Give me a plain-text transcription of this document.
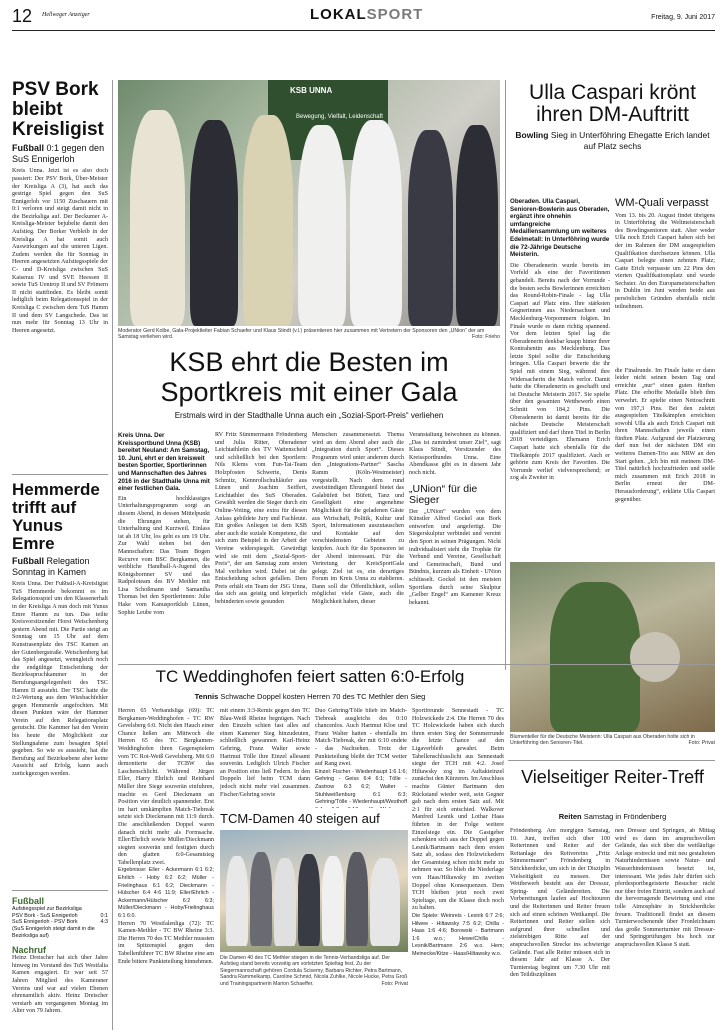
12 Hellweger Anzeiger	LOKALSPORT	Freitag, 9. Juni 2017
PSV Bork bleibt Kreisligist
Fußball 0:1 gegen den SuS Ennigerloh
Kreis Unna. Jetzt ist es also doch passiert: Der PSV Bork, Über-Meister der Kreisliga A (3), hat auch das gestrige Spiel gegen den SuS Ennigerloh vor 1150 Zuschauern mit 0:1 verloren und steigt damit nicht in die Bezirksliga auf. Der Beckumer A-Kreisliga-Meister bejubelte damit den Aufstieg. Der Borker Verbleib in der Kreisliga A hat somit auch Auswirkungen auf die unteren Ligen. Zudem werden die für Sonntag in Heeren angesetzten Aufstiegsspiele der C- und D-Kreisliga zwischen SuS Kaiserau IV und SVE Heessen II sowie TuS Uentrop II und SV Frömern II nicht stattfinden. Es bleibt somit lediglich beim Relegationsspiel in der Kreisliga C zwischen dem TuS Hamm II und dem SV Langschede. Das ist nun mehr für Sonntag 13 Uhr in Heeren angesetzt.
Hemmerde trifft auf Yunus Emre
Fußball Relegation Sonntag in Kamen
Kreis Unna. Der Fußball-A-Kreisligist TuS Hemmerde bekommt es im Relegationsspiel um den Klassenerhalt in der Kreisliga A nun doch mit Yunus Emre Hamm zu tun. Das teilte Kreisvorsitzender Horst Weischenberg gestern Abend mit. Die Partie steigt an Sonntag um 15 Uhr auf dem Kunstrasenplatz des TSC Kamen an der Gutenbergstraße. Weischenberg hat das Spiel angesetzt, wenngleich noch die endgültige Entscheidung der Bezirksspruchkammer in der Berufungsangelegenheit des TSC Hamm II aussteht. Der TSC hatte die 0:2-Wertung aus dem Wiesbachfehler gegen Hemmerde angefochten. Mit diesen Punkten wäre der Hammer Verein auf den Relegationsplatz gerutscht. Die Kammer hat den Verein bis heute die Möglichkeit zur Stellungnahme zum besagten Spiel gegeben. So wie es aussieht, hat die Berufung auf Bezirksebene aber keine Aussicht auf Erfolg, kann auch zurückgezogen werden.
Fußball
Aufstiegsspiel zur Bezirksliga
PSV Bork - SuS Ennigerloh	0:1
SuS Ennigerloh - PSV Bork	4:3
(SuS Ennigerloh steigt damit in die Bezirksliga auf)
Nachruf
Heinz Dreischer hat sich über Jahre hinweg im Vorstand des TuS Westfalia Kamen engagiert. Er war seit 57 Jahren Mitglied des Kameraner Vereins und war auf vielen Ebenen ehrenamtlich aktiv. Heinz Dreischer verstarb am vergangenen Montag im Alter von 79 Jahren.
KSB UNNA
Bewegung, Vielfalt, Leidenschaft
Moderator Gerd Kolbe, Gala-Projektleiter Fabian Schaefer und Klaus Stindt (v.l.) präsentieren hier zusammen mit Vertretern der Sponsoren den „UNion“ der am Samstag verliehen wird.	Foto: Frieho
KSB ehrt die Besten im
Sportkreis mit einer Gala
Erstmals wird in der Stadthalle Unna auch ein „Sozial-Sport-Preis“ verliehen
Kreis Unna. Der Kreissportbund Unna (KSB) bereitet Neuland: Am Samstag, 10. Juni, ehrt er den kreisweit besten Sportler, Sportlerinnen und Mannschaften des Jahres 2016 in der Stadthalle Unna mit einer festlichen Gala.
Ein hochklassiges Unterhaltungsprogramm sorgt an diesem Abend, in dessen Mittelpunkt die Ehrungen stehen, für Unterhaltung und Kurzweil. Einlass ist ab 18 Uhr, los geht es um 19 Uhr. Zur Wahl stehen bei den Mannschaften: Das Team Bogen Recurve vom BSC Bergkamen, die weibliche Handball-A-Jugend des Königsbornner SV und das Radpoloteam des BV Methler mit Lisa Schoßmann und Samantha Thomas bei den Sportlerinnen: Julie Hake vom Kanusportklub Lünen, Sophie Leube vom
RV Fritz Sümmermann Fröndenberg und Julia Ritter, Oberadener Leichtathletin des TV Wattenscheid und schließlich bei den Sportlern: Nils Klems vom Fun-Tai-Team Holzpfosten Schwerte, Denis Schmitz, Kennrollschuhläufer aus Lünen und Joachim Seiffert, Leichtathlet des SuS Oberaden. Gewählt werden die Sieger durch ein Online-Voting, eine extra für diesen Anlass gebildete Jury und Fachleute. Ein großes Anliegen ist dem KSB aber auch die soziale Kompetenz, die sich zum Beispiel in der Arbeit der Vereine widerspiegelt. Gewürdigt wird sie mit dem „Sozial-Sport-Preis“, der am Samstag zum ersten Mal verliehen wird. Dabei ist die Entscheidung schon gefallen. Dem Preis erhält ein Team der JSG Unna, das sich aus geistig und körperlich behinderten sowie gesunden
Menschen zusammensetzt. Thema wird an dem Abend aber auch die „Integration durch Sport“. Dieses Programm wird unter anderem durch den „Integrations-Partner“ Sascha Ramm (Köln-Westmeister) vorgestellt. Nach dem rund zweistündigen Ehrungsteil bietet das Galabüfett bei Büfett, Tanz und Geselligkeit eine angenehme Möglichkeit für die geladenen Gäste aus Wirtschaft, Politik, Kultur und Sport, Informationen auszutauschen und Kontakte auf den verschiedensten Gebieten zu knüpfen. Auch für die Sponsoren ist der Abend interessant. Für die Vertretung der KreisSportGala gelegt. Ziel ist es, ein derartiges Forum im Kreis Unna zu etablieren. Dann soll die Öffentlichkeit, sollen möglichst viele Gäste, auch die Möglichkeit haben, dieser
Veranstaltung beiwohnen zu können. „Das ist zumindest unser Ziel“, sagt Klaus Stindt, Vorsitzender des Kreissportbundes Unna. Eine Abendkasse gibt es in diesem Jahr noch nicht.
„UNion“ für die Sieger
Der „UNion“ wurden von dem Künstler Alfred Gockel aus Bork entworfen und angefertigt. Die Siegerskulptur verbindet und vereint den Sport in seinen Prägungen. Nicht individualisiert steht die Trophäe für Verbund und Vereine, Gesellschaft und Gemeinschaft, Bund und Bündnis, kurzum als Einheit - UNion schlüsselt. Gockel ist den meisten Sportfans durch seine Skulptur „Gelber Engel“ am Kamener Kreuz bekannt.
Ulla Caspari krönt ihren DM-Auftritt
Bowling Sieg in Unterföhring Ehegatte Erich landet auf Platz sechs
Oberaden. Ulla Caspari, Senioren-Bowlerin aus Oberaden, ergänzt ihre ohnehin umfangreiche Medaillensammlung um weiteres Edelmetall: In Unterföhring wurde die 72-Jährige Deutsche Meisterin.
Die Oberadenerin wurde bereits im Vorfeld als eine der Favoritinnen gehandelt. Bereits nach der Vorrunde - die besten sechs Bowlerinnen erreichten das Round-Robin-Finale - lag Ulla Caspari auf Platz eins. Ihre stärksten Gegnerinnen aus Niedersachsen und Mecklenburg-Vorpommern folgten. Im Finale wurde es dann richtig spannend. Vor dem letzten Spiel lag die Oberadenerin denkbar knapp hinter ihrer Kontrahentin aus Mecklenburg. Das letzte Spiel sollte die Entscheidung bringen. Ulla Caspari bewerte die ihr Spiel mit einem Sieg, während ihre Widersacherin die Match verlor. Damit hatte die Oberadenerin es geschafft und ist Deutsche Meisterin 2017. Sie spielte über den gesamten Wettbewerb einen Schnitt von 184,2 Pins. Die Oberadenerin ist damit bereits für die nächste Deutsche Meisterschaft qualifiziert und darf ihren Titel in Berlin 2018 verteidigen. Ehemann Erich Caspari hatte sich ebenfalls für die Titelkämpfe 2017 qualifiziert. Auch er gehörte zum Kreis der Favoriten. Die Vorrunde verlief vielversprechend; er zog als Zweiter in
WM-Quali verpasst
Vom 13. bis 20. August findet übrigens in Unterföhring die Weltmeisterschaft des Bowlingsenioren statt. Aber weder Ulla noch Erich Caspari haben sich bei der im Rahmen der DM ausgespielten Qualifikation durchsetzen können. Ulla Caspari belegte einen zehnten Platz; Gatte Erich verpasste um 22 Pins den vierten Qualifikationsplatz und wurde Sechster. An den Europameisterschaften in Dublin im Juni werden beide aus persönlichen Gründen ebenfalls nicht teilnehmen.
die Finalrunde. Im Finale hatte er dann leider nicht seinen besten Tag und erreichte „nur“ einen guten fünften Platz. Die erhoffte Medaille blieb ihm verwehrt. Er spielte einen Nettoschnitt von 197,3 Pins. Bei den zuletzt ausgespielten Titelkämpfen erreichten sowohl Ulla als auch Erich Caspari mit ihren Mannschaften jeweils einen fünften Platz. Aufgrund der Platzierung darf nun bei der nächsten DM ein weiteres Damen-Trio aus NRW an den Start gehen. „Ich bin mit meinem DM-Titel natürlich hochzufrieden und stelle mich zusammen mit Erich 2018 in Berlin erneut der DM-Herausforderung“, erklärte Ulla Caspari gegenüber.
Blumenteller für die Deutsche Meisterin: Ulla Caspari aus Oberaden holte sich in Unterföhring den Senioren-Titel.	Foto: Privat
TC Weddinghofen feiert satten 6:0-Erfolg
Tennis Schwache Doppel kosten Herren 70 des TC Methler den Sieg
Herren 65 Verbandsliga (69): TC Bergkamen-Weddinghofen - TC RW Gevelsberg 6:0. Nicht den Hauch einer Chance ließen am Mittwoch die Herren 65 des TC Bergkamen-Weddinghofen ihren Gegenspielern vom TC Rot-Weiß Gevelsberg. Mit 6:0 demontierte der TCBW das Laschenschlicht. Während Jürgen Eller, Harry Ehrlich und Reinhard Müller ihre Siege souverän einfuhren, machte es Gerd Dieckmann an Position vier deutlich spannender. Erst im hart umkämpften Match-Tiebreak setzte sich Dieckmann mit 11:9 durch. Die anschließenden Doppel waren danach nicht mehr als Formsache. Eller/Ehrlich sowie Müller/Dieckmann siegten souverän und festigten durch den glatten 6:0-Gesamtsieg Tabellenplatz zwei.
Ergebnisse: Eller - Ackermann 6:1 6:2; Ehrlich - Hoby 6:2 6:2; Müller - Frielinghaus 6:1 6:2; Dieckmann - Hülscher 6:4 4:6 11:9; Eller/Ehrlich - Ackermann/Hülscher 6:2 6:3; Müller/Dieckmann - Hoby/Frielinghaus 6:1 6:0.
Herren 70 Westfalenliga (72): TC Kamen-Methler - TC BW Rheine 3:3. Die Herren 70 des TC Methler mussten im Spitzenspiel gegen den Tabellenführer TC BW Rheine eine am Ende bittere Punkteteilung hinnehmen.
mit einem 3:3-Remis gegen den TC Blau-Weiß Rheine begnügen. Nach den Einzeln schien fast alles auf einen Kamener Sieg hinzudeuten, schließlich gewannen Karl-Heinz Gehring, Franz Walter sowie Hartmut Tölle ihre Einzel allesamt souverän. Lediglich Ulrich Fischer an Position eins ließ Federn. In den Doppeln lief beim TCM dann jedoch nicht mehr viel zusammen. Fischer/Gehring sowie
Duo Gehring/Tölle blieb im Match-Tiebreak ausgleichs des 0:10 chancenlos. Auch Hartmut Kloe und Franz Walter hatten - ebenfalls im Match-Tiebreak, der mit 6:10 endete - das Nachsehen. Trotz der Punkteteilung bleibt der TCM weiter auf Rang zwei.
Einzel: Fischer - Wiedenhaupt 1:6 1:6; Gehring - Geiss 6:4 6:1; Tölle - Zastrow 6:3 6:2; Walter - Stuhlweißenburg 6:1 6:3; Gehring/Tölle - Wiedenhaupt/Westhoff
TCM-Damen 40 steigen auf
Die Damen 40 des TC Methler stiegen in die Tennis-Verbandsliga auf. Der Aufstieg stand bereits vorzeitig am vorletzten Spieltag fest. Zu der Siegermannschaft gehören Cordula Scisemy, Barbara Richter, Petra Bartmann, Sandra Rammelkamp, Caroline Schmid, Nicola Zuhlke, Nicole Hucke, Petra Groß und Trainingspartnerin Marion Schaeffer.	Foto: Privat
Sportfreunde Sennestadt - TC Holzwickede 2:4. Die Herren 70 des TC Holzwickede haben sich durch ihren ersten Sieg der Sommerrunde die letzte Chance auf den Ligaverbleib gewahrt. Beim Tabellenschlusslicht aus Sennestadt siegte der TCH mit 4:2. Josef Hiltawsky zog im Auftakteinzel zunächst den Kürzeren. Im Anschluss machte Günter Bartmann den Rückstand wieder wett, sein Gegner gab nach dem ersten Satz auf. Mit 2:1 für sich entschied. Walkover Manfred Lesnik und Lothar Haas führten in der Folge weitere Einzelsiege ein. Die Gastgeber schenkten sich aus der Doppel gegen Lesnik/Bartmann nach dem ersten Satz ab, sodass den Holzwickedern der Gesamtsieg schon nicht mehr zu nehmen war. So blieb die Niederlage von Haas/Hiltawsky im zweiten Doppel ohne Konsequenzen. Dem TCH bleiben jetzt noch zwei Spieltage, um die Klasse doch noch zu halten.
Die Spiele: Weinreis - Lesnik 6:7 2:6; Hilwee - Hiltawsky 7:5 6:2; Chilla - Haas 1:6 4:6; Borowski - Bartmann 1:6 w.o.; Hewe/Chilla - Lesnik/Bartmann 2:6 w.o. Hem; Meinecke/Kitze - Haas/Hiltawsky w.o.
Vielseitiger Reiter-Treff
Reiten Samstag in Fröndenberg
Fröndenberg. Am morgigen Samstag, 10. Juni, treffen sich über 100 Reiterinnen und Reiter auf der Reitanlage des Reitvereins „Fritz Sümmermann“ Fröndenberg in Strickherdicke, um sich in der Disziplin Vielseitigkeit zu messen. Der Wettbewerb besteht aus der Dressur, Spring- und Geländereiten. Die Vorbereitungen laufen auf Hochtouren und die Reiterinnen und Reiter freuen sich auf einen schönen Wettkampf. Die Reiterinnen und Reiter stellen sich aufgrund ihrer schnellen und zielstrebigen Ritte auf der anspruchsvollen Strecke ins schwierige Gelände. Fast alle Reiter müssen sich in diesem Jahr auf Klasse A. Der Turnierstag beginnt um 7.30 Uhr mit den Teildisziplinen
nen Dressur und Springen, ab Mittag wird es dann im anspruchsvollen Gelände, das sich über die weitläufige Anlage erstreckt und mit neu gestalteten Naturhindernissen sowie Natur- und Wasserhindernissen besetzt ist, interessant. Wie jedes Jahr dürfen sich pferdesportbegeisterte Besucher nicht nur über freien Eintritt, sondern auch auf die hervorragende Bewirtung und eine tolle Atmosphäre in Strickherdicke freuen. Traditionell findet an diesem Turnierwochenende über Fronleichnam das große Sommerturnier mit Dressur- und Springprüfungen bis hoch zur anspruchsvollen Klasse S statt.
